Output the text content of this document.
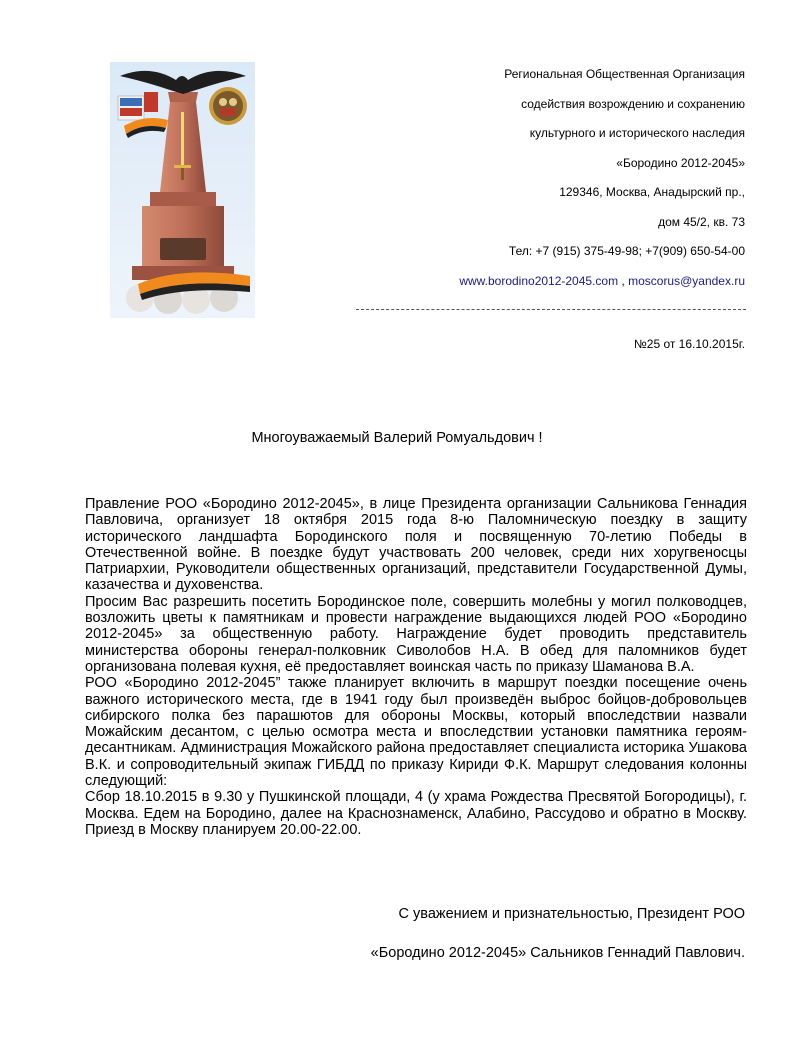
Региональная Общественная Организация
содействия возрождению и сохранению
культурного и исторического наследия
«Бородино 2012-2045»
129346, Москва, Анадырский пр.,
дом 45/2, кв. 73
Тел: +7 (915) 375-49-98; +7(909) 650-54-00
www.borodino2012-2045.com , moscorus@yandex.ru
№25 от 16.10.2015г.
Многоуважаемый Валерий Ромуальдович !

Правление РОО «Бородино 2012-2045», в лице Президента организации Сальникова Геннадия Павловича, организует 18 октября 2015 года 8-ю Паломническую поездку в защиту исторического ландшафта Бородинского поля и посвященную 70-летию Победы в Отечественной войне. В поездке будут участвовать 200 человек, среди них хоругвеносцы Патриархии, Руководители общественных организаций, представители Государственной Думы, казачества и духовенства.

Просим Вас разрешить посетить Бородинское поле, совершить молебны у могил полководцев, возложить цветы к памятникам и провести награждение выдающихся людей РОО «Бородино 2012-2045» за общественную работу. Награждение будет проводить представитель министерства обороны генерал-полковник Сиволобов Н.А. В обед для паломников будет организована полевая кухня, её предоставляет воинская часть по приказу Шаманова В.А.

РОО «Бородино 2012-2045” также планирует включить в маршрут поездки посещение очень важного исторического места, где в 1941 году был произведён выброс бойцов-добровольцев сибирского полка без парашютов для обороны Москвы, который впоследствии назвали Можайским десантом, с целью осмотра места и впоследствии установки памятника героям-десантникам. Администрация Можайского района предоставляет специалиста историка Ушакова В.К. и сопроводительный экипаж ГИБДД по приказу Кириди Ф.К. Маршрут следования колонны следующий:

Сбор 18.10.2015 в 9.30 у Пушкинской площади, 4 (у храма Рождества Пресвятой Богородицы), г. Москва. Едем на Бородино, далее на Краснознаменск, Алабино, Рассудово и обратно в Москву. Приезд в Москву планируем 20.00-22.00.

С уважением и признательностью, Президент РОО
«Бородино 2012-2045» Сальников Геннадий Павлович.
